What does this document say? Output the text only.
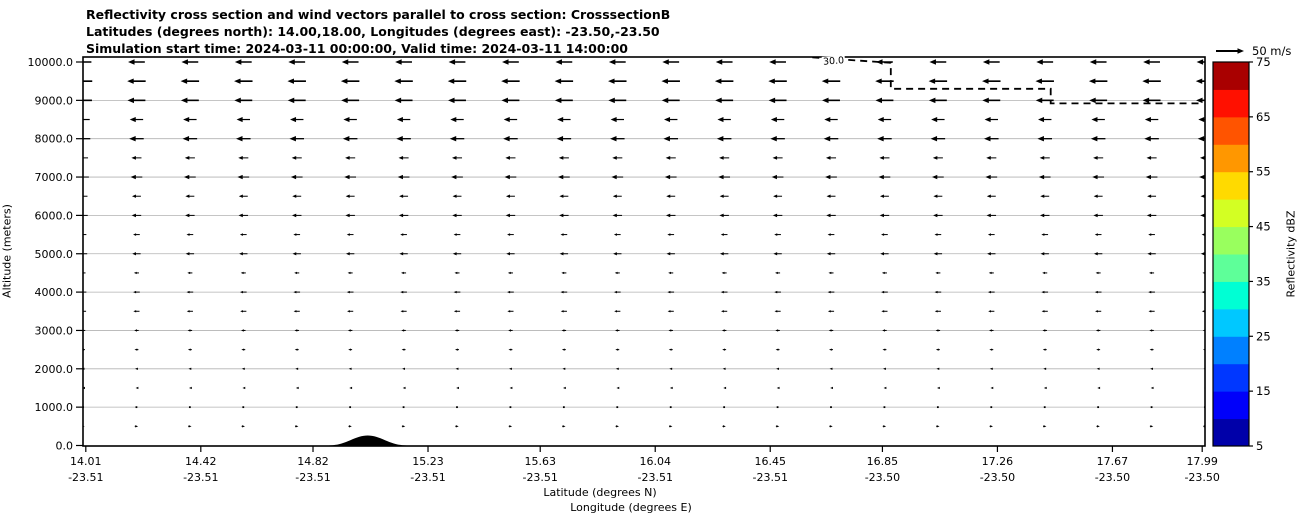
Reflectivity cross section and wind vectors parallel to cross section: CrosssectionB
Latitudes (degrees north): 14.00,18.00, Longitudes (degrees east): -23.50,-23.50
Simulation start time: 2024-03-11 00:00:00, Valid time: 2024-03-11 14:00:00
Altitude (meters)
0.0
1000.0
2000.0
3000.0
4000.0
5000.0
6000.0
7000.0
8000.0
9000.0
10000.0
14.01
-23.51
14.42
-23.51
14.82
-23.51
15.23
-23.51
15.63
-23.51
16.04
-23.51
16.45
-23.51
16.85
-23.50
17.26
-23.50
17.67
-23.50
17.99
-23.50
5
15
25
35
45
55
65
75
30.0
50 m/s
Latitude (degrees N)
Longitude (degrees E)
Reflectivity dBZ
